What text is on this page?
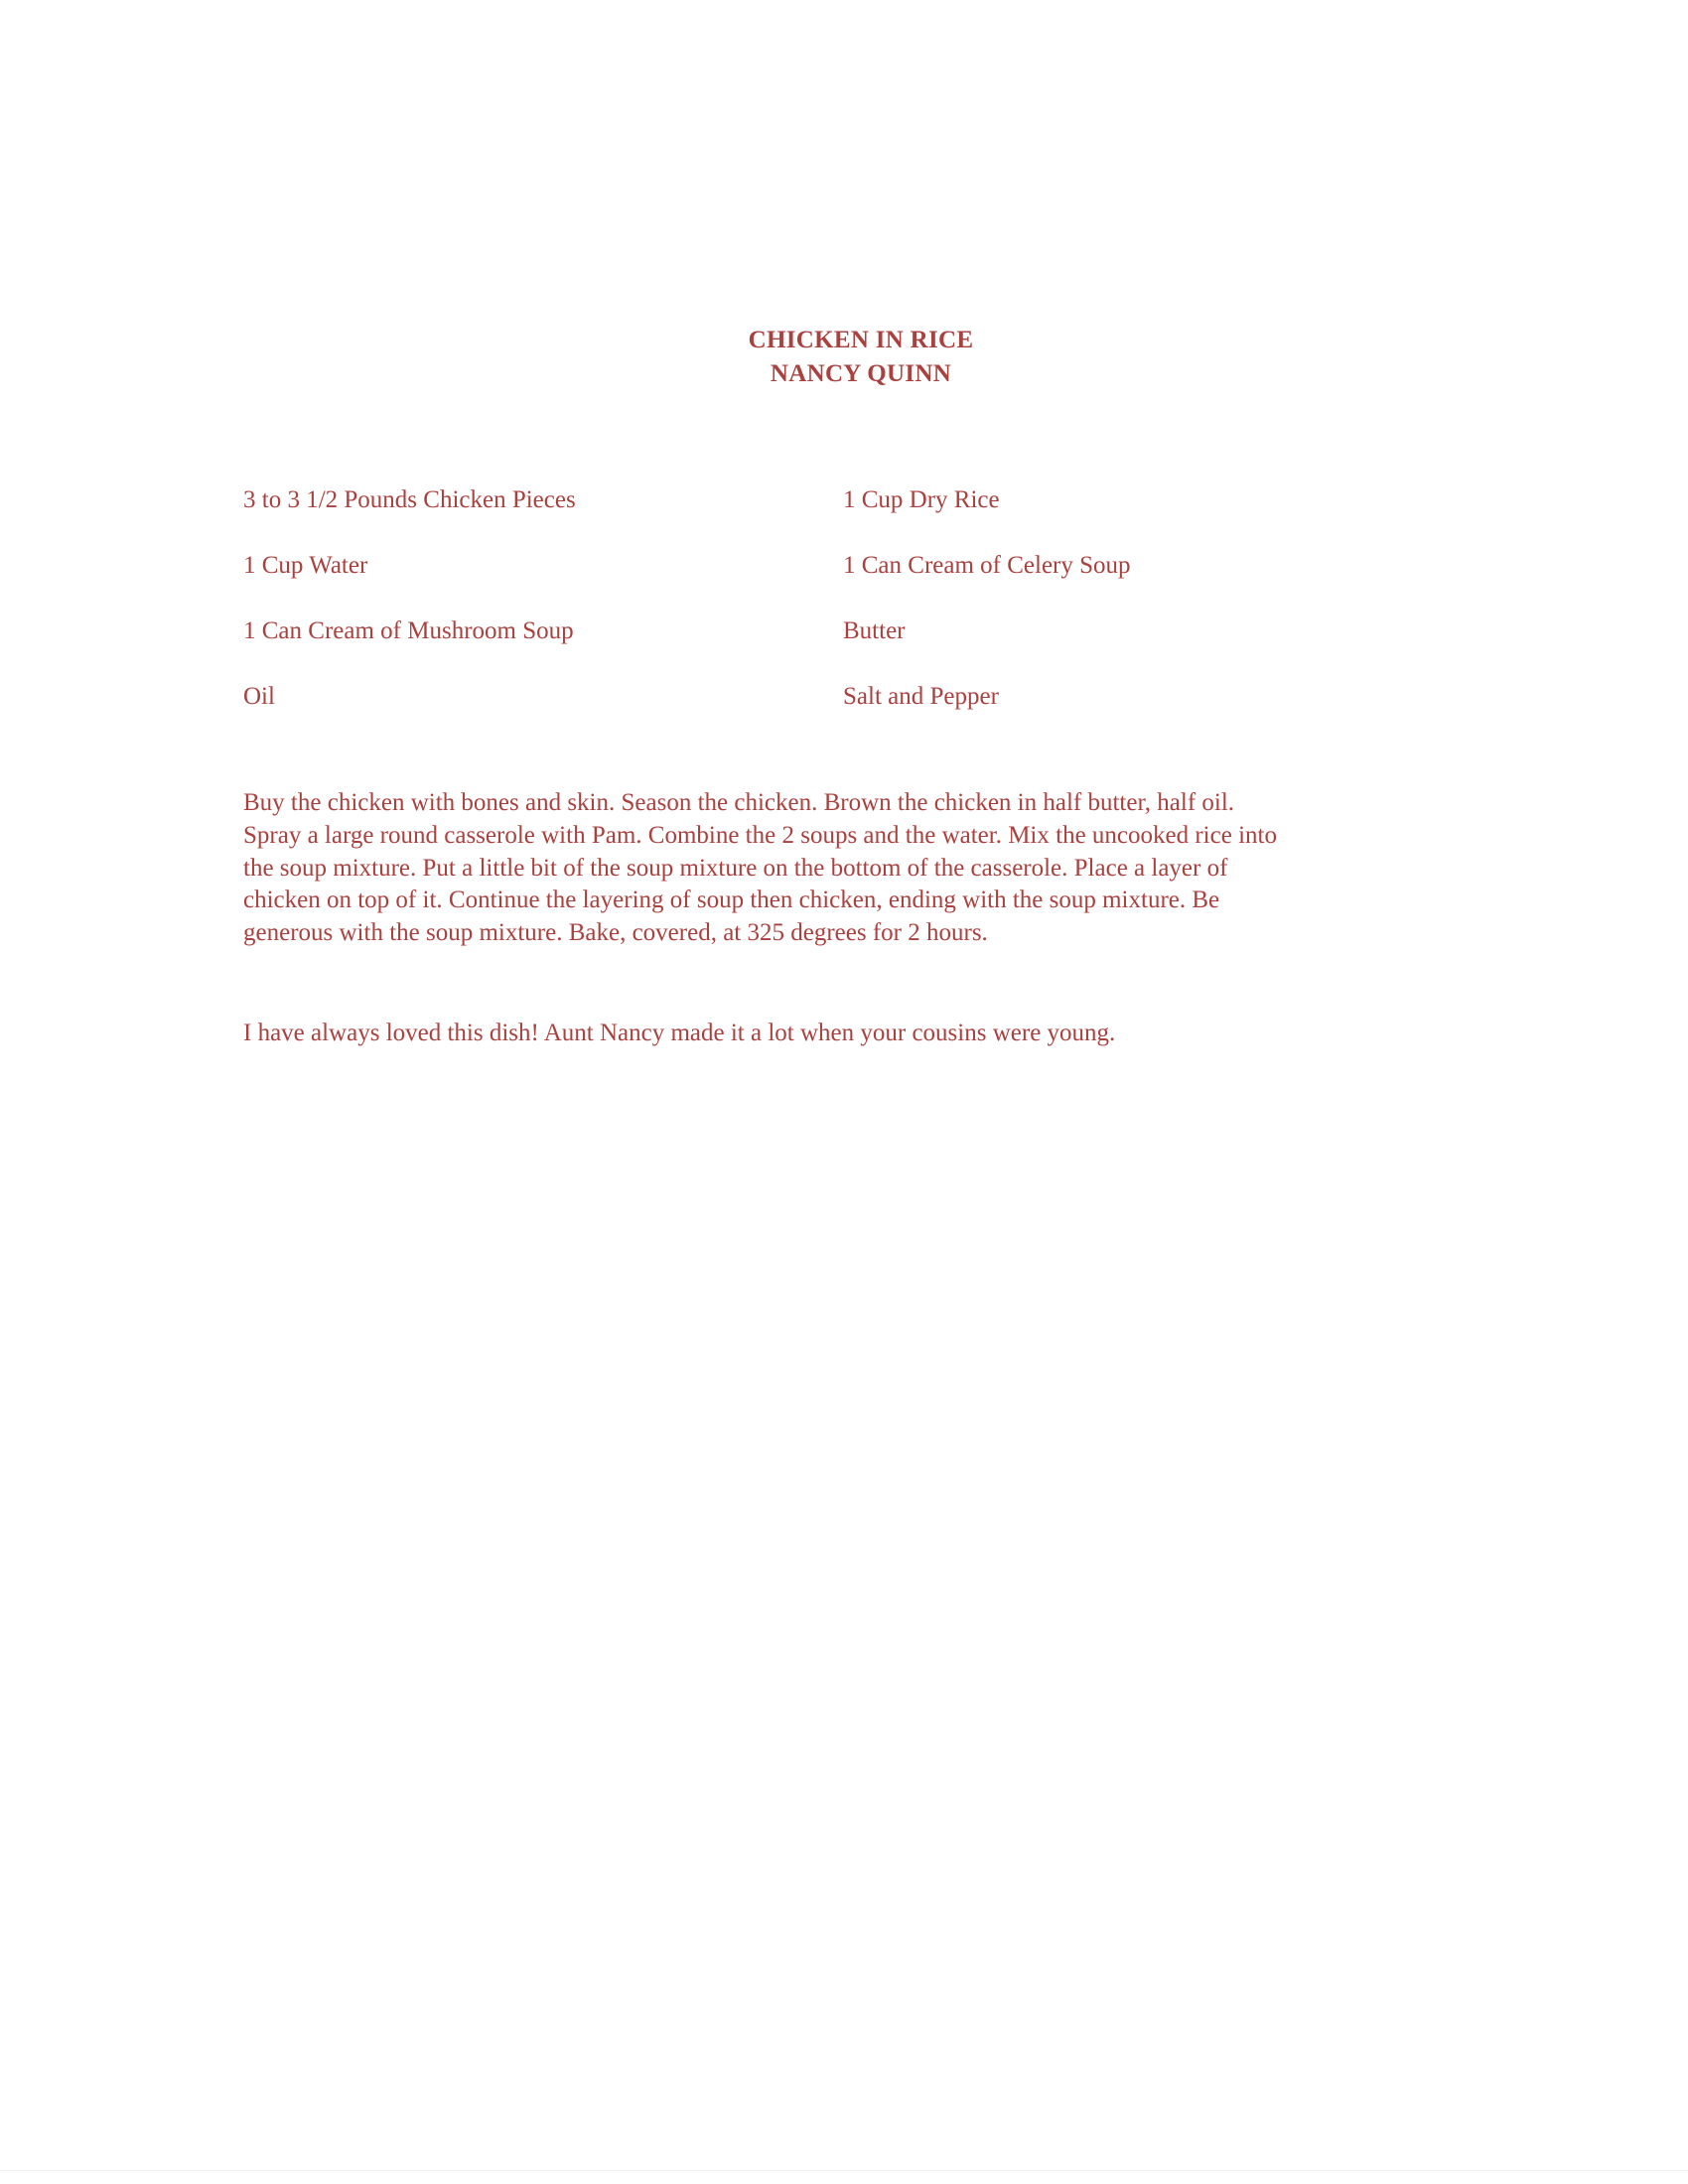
CHICKEN IN RICE
NANCY QUINN
3 to 3 1/2 Pounds Chicken Pieces	1 Cup Dry Rice
1 Cup Water	1 Can Cream of Celery Soup
1 Can Cream of Mushroom Soup	Butter
Oil	Salt and Pepper
Buy the chicken with bones and skin. Season the chicken. Brown the chicken in half butter, half oil.
Spray a large round casserole with Pam. Combine the 2 soups and the water. Mix the uncooked rice into
the soup mixture. Put a little bit of the soup mixture on the bottom of the casserole. Place a layer of
chicken on top of it. Continue the layering of soup then chicken, ending with the soup mixture. Be
generous with the soup mixture. Bake, covered, at 325 degrees for 2 hours.
I have always loved this dish! Aunt Nancy made it a lot when your cousins were young.
